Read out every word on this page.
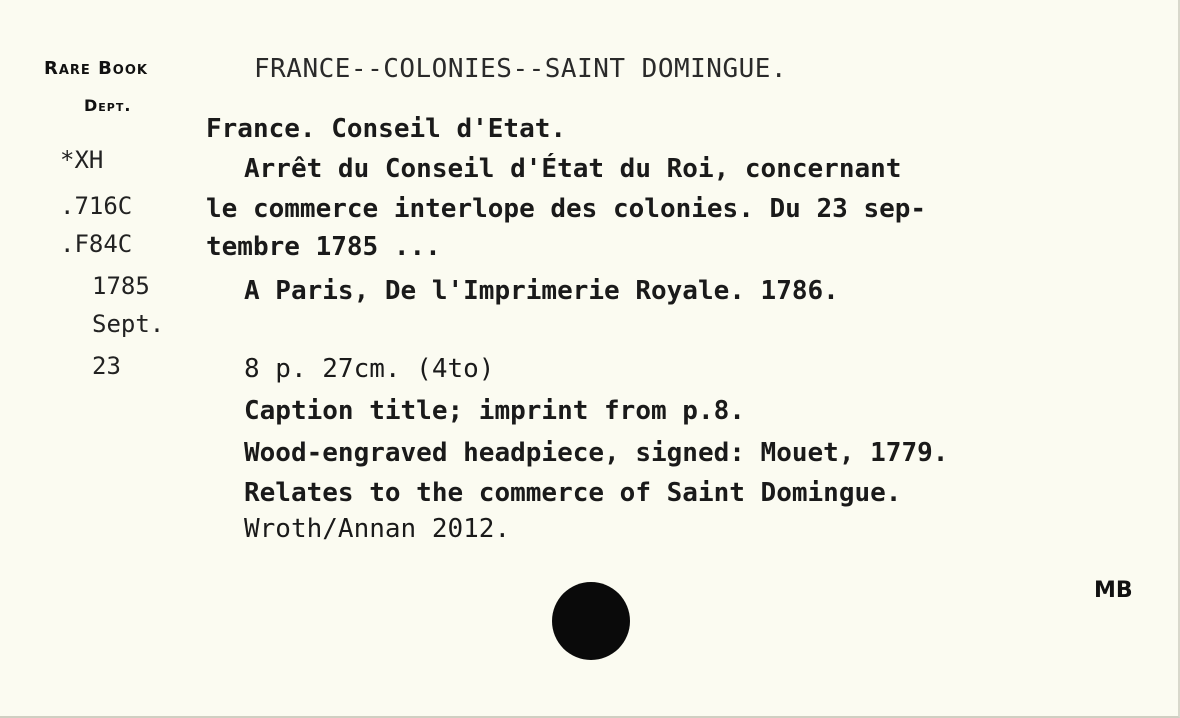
Rare Book
Dept.
*XH
.716C
.F84C
1785
Sept.
23
FRANCE--COLONIES--SAINT DOMINGUE.
France. Conseil d'Etat.
Arrêt du Conseil d'État du Roi, concernant
le commerce interlope des colonies. Du 23 sep-
tembre 1785 ...
A Paris, De l'Imprimerie Royale. 1786.
8 p. 27cm. (4to)
Caption title; imprint from p.8.
Wood-engraved headpiece, signed: Mouet, 1779.
Relates to the commerce of Saint Domingue.
Wroth/Annan 2012.
MB
